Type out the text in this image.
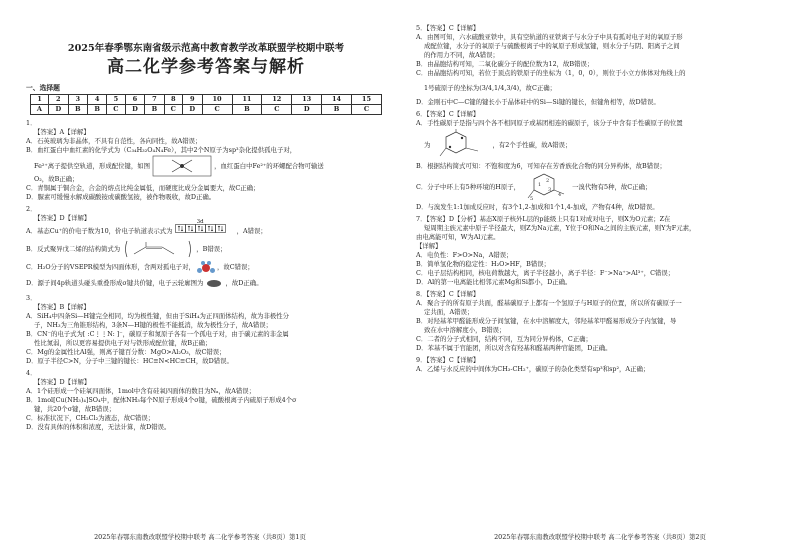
2025年春季鄂东南省级示范高中教育教学改革联盟学校期中联考
高二化学参考答案与解析
一、选择题
1	2	3	4	5	6	7	8	9	10	11	12	13	14	15
A	D	B	B	C	D	B	C	D	C	B	C	D	B	C
1．
【答案】A【详解】
A．石英玻璃为非晶体，不具有自范性，各向同性，故A错误；
B．血红蛋白中血红素的化学式为（C₃₄H₃₂O₄N₄Fe），其中2个N原子为sp³杂化提供孤电子对，
Fe²⁺离子提供空轨道，形成配位键，如图	，血红蛋白中Fe²⁺的环螺配合物可输送
O₂，故B正确；
C．青铜属于铜合金，合金的熔点比纯金属低，而硬度比成分金属要大，故C正确；
D．脲素可缓慢水解成碳酸铵或碳酸氢铵，被作物吸收，故D正确。
2．
【答案】D【详解】
A．基态Cu⁺的价电子数为10，价电子轨道表示式为
3d
，A错误；
B．反式聚异戊二烯的结构简式为	，B错误；
C．H₂O分子的VSEPR模型为四面体形，含两对孤电子对，	，故C错误；
D．源子间4p轨道头碰头重叠形成σ键共价键，电子云轮廓图为	，故D正确。
3．
【答案】B【详解】
A．SiH₄中四条Si—H键完全相同，均为极性键，但由于SiH₄为正四面体结构，故为非极性分
子，NH₃为三角锥形结构，3条N—H键的极性不能抵消，故为极性分子，故A错误；
B．CN⁻的电子式为[ :C⋮⋮N: ]⁻，碳原子和氮原子各有一个孤电子对，由于碳元素的非金属
性比氮弱，所以更容易提供电子对与铁形成配位键，故B正确；
C．Mg的金属性比Al强，则离子键百分数：MgO>Al₂O₃，故C错误；
D．原子半径C>N，分子中三键的键长：HC≡N<HC≡CH，故D错误。
4．
【答案】D【详解】
A．1个硅形成一个硅氧四面体，1mol中含有硅氧四面体的数目为Nₐ，故A错误；
B．1mol[Cu(NH₃)₄]SO₄中，配体NH₃每个N原子形成4个σ键，硫酸根离子内硫原子形成4个σ
键，共20个σ键，故B错误；
C．标准状况下，CH₂Cl₂为液态，故C错误；
D．没有具体的体积和浓度，无法计算，故D错误。
2025年春鄂东南教改联盟学校期中联考 高二化学参考答案（共8页）第1页
5．【答案】C【详解】
A．由图可知，六水硫酸亚铁中，具有空轨道的亚铁离子与水分子中具有孤对电子对的氧原子形
成配位键，水分子的氧原子与硫酸根离子中的氧原子形成氢键，则水分子与阴、阳离子之间
的作用力不同，故A错误；
B．由晶胞结构可知，二氧化碳分子的配位数为12，故B错误；
C．由晶胞结构可知，若位于顶点的铁原子的坐标为（1，0，0），则位于小立方体体对角线上的
1号硫原子的坐标为(3/4,1/4,3/4)，故C正确；
D．金刚石中C—C键的键长小于晶体硅中的Si—Si键的键长，但键角相等，故D错误。
6．【答案】C【详解】
A．手性碳原子是指与四个各不相同原子或基团相连的碳原子，该分子中含有手性碳原子的位置
为	，有2个手性碳，故A错误；
B．根据结构简式可知：不饱和度为6，可知存在芳香族化合物的同分异构体，故B错误；
C．分子中环上有5种环境的H原子，	1
2
3
4
5
一溴代物有5种，故C正确；
D．与溴发生1:1加成反应时，有3个1,2-加成和1个1,4-加成，产物有4种，故D错误。
7．【答案】D【分析】基态X原子核外L层的p能级上只有1对成对电子，则X为O元素；Z在
短周期主族元素中原子半径最大，则Z为Na元素，Y位于O和Na之间的主族元素，则Y为F元素，
由电离能可知，W为Al元素。
【详解】
A．电负性：F>O>Na，A错误；
B．简单氢化物的稳定性：H₂O>HF，B错误；
C．电子层结构相同，核电荷数越大，离子半径越小，离子半径：F⁻>Na⁺>Al³⁺，C错误；
D．Al的第一电离能比相邻元素Mg和Si都小，D正确。
8．【答案】C【详解】
A．聚合子的所有原子共面，醛基碳原子上都有一个氢原子与H原子的位置，所以所有碳原子一
定共面，A错误；
B．对羟基苯甲醛能形成分子间氢键，在水中溶解度大，邻羟基苯甲醛易形成分子内氢键，导
致在水中溶解度小，B错误；
C．二者的分子式相同，结构不同，互为同分异构体，C正确；
D．苯基不属于官能团，所以对含有羟基和醛基两种官能团，D正确。
9．【答案】C【详解】
A．乙烯与水反应的中间体为CH₃-CH₂⁺，碳原子的杂化类型有sp³和sp²，A正确；
2025年春鄂东南教改联盟学校期中联考 高二化学参考答案（共8页）第2页
